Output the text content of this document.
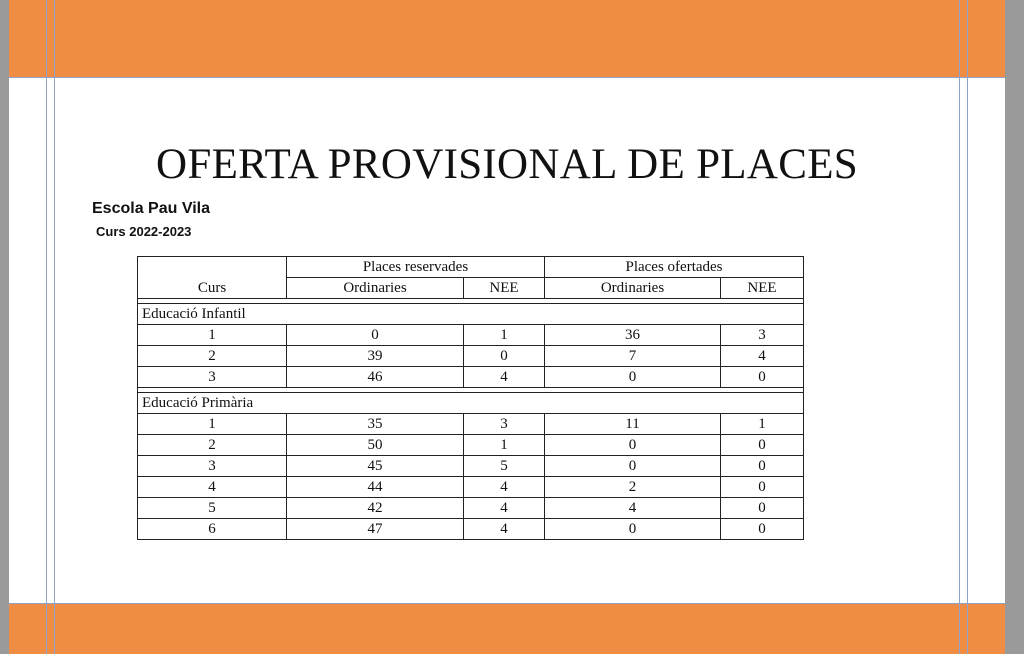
OFERTA PROVISIONAL DE PLACES
Escola Pau Vila
Curs 2022-2023
	Places reservades		Places ofertades	
Curs	Ordinaries	NEE	Ordinaries	NEE

Educació Infantil				
1	0	1	36	3
2	39	0	7	4
3	46	4	0	0

Educació Primària				
1	35	3	11	1
2	50	1	0	0
3	45	5	0	0
4	44	4	2	0
5	42	4	4	0
6	47	4	0	0
